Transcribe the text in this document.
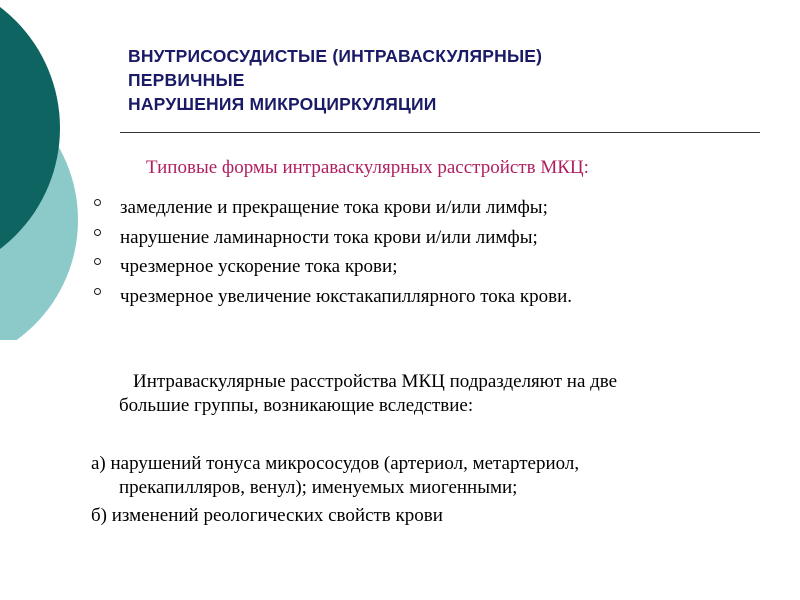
ВНУТРИСОСУДИСТЫЕ (ИНТРАВАСКУЛЯРНЫЕ)
ПЕРВИЧНЫЕ
НАРУШЕНИЯ МИКРОЦИРКУЛЯЦИИ

Типовые формы интраваскулярных расстройств МКЦ:

замедление и прекращение тока крови и/или лимфы;
нарушение ламинарности тока крови и/или лимфы;
чрезмерное ускорение тока крови;
чрезмерное увеличение юкстакапиллярного тока крови.
Интраваскулярные расстройства МКЦ подразделяют на две
большие группы, возникающие вследствие:
а) нарушений тонуса микрососудов (артериол, метартериол,
прекапилляров, венул); именуемых миогенными;
б) изменений реологических свойств крови
